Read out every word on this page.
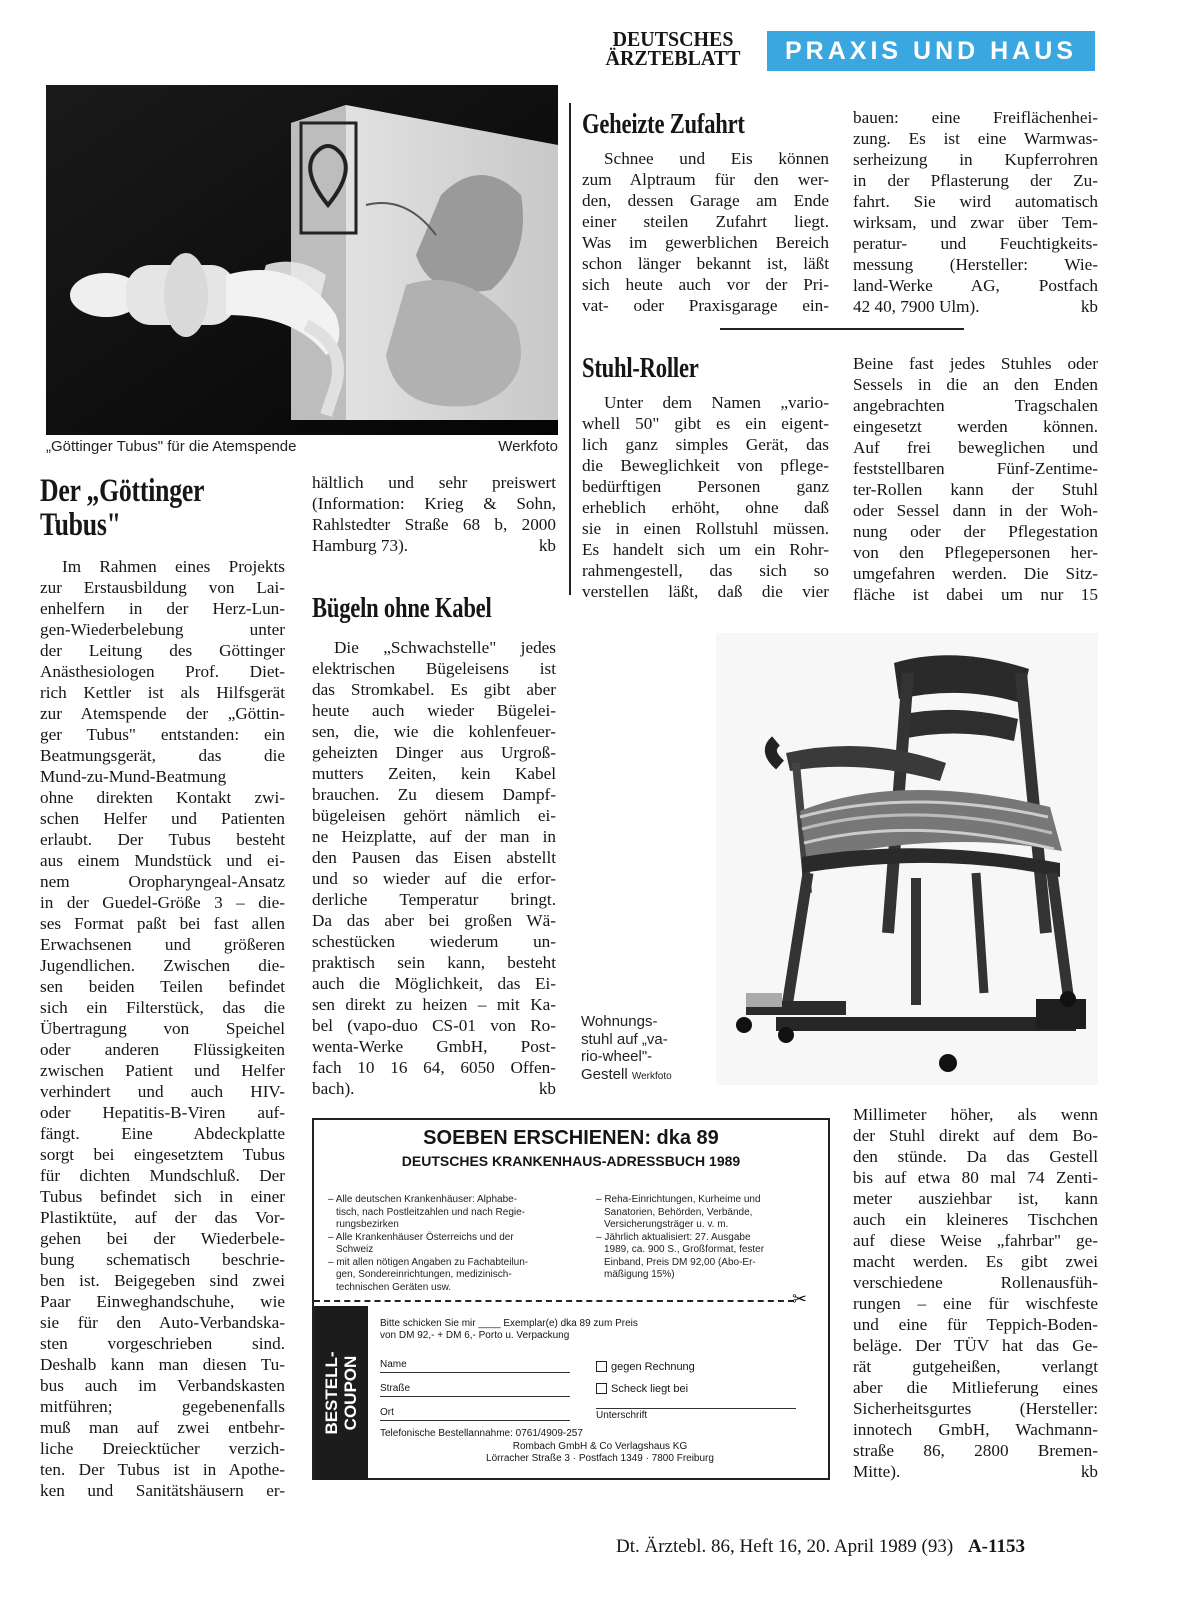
DEUTSCHES
ÄRZTEBLATT	PRAXIS UND HAUS
„Göttinger Tubus" für die Atemspende	Werkfoto
Der „Göttinger
Tubus"
Im Rahmen eines Projekts
zur Erstausbildung von Lai-
enhelfern in der Herz-Lun-
gen-Wiederbelebung unter
der Leitung des Göttinger
Anästhesiologen Prof. Diet-
rich Kettler ist als Hilfsgerät
zur Atemspende der „Göttin-
ger Tubus" entstanden: ein
Beatmungsgerät, das die
Mund-zu-Mund-Beatmung
ohne direkten Kontakt zwi-
schen Helfer und Patienten
erlaubt. Der Tubus besteht
aus einem Mundstück und ei-
nem Oropharyngeal-Ansatz
in der Guedel-Größe 3 – die-
ses Format paßt bei fast allen
Erwachsenen und größeren
Jugendlichen. Zwischen die-
sen beiden Teilen befindet
sich ein Filterstück, das die
Übertragung von Speichel
oder anderen Flüssigkeiten
zwischen Patient und Helfer
verhindert und auch HIV-
oder Hepatitis-B-Viren auf-
fängt. Eine Abdeckplatte
sorgt bei eingesetztem Tubus
für dichten Mundschluß. Der
Tubus befindet sich in einer
Plastiktüte, auf der das Vor-
gehen bei der Wiederbele-
bung schematisch beschrie-
ben ist. Beigegeben sind zwei
Paar Einweghandschuhe, wie
sie für den Auto-Verbandska-
sten vorgeschrieben sind.
Deshalb kann man diesen Tu-
bus auch im Verbandskasten
mitführen; gegebenenfalls
muß man auf zwei entbehr-
liche Dreiecktücher verzich-
ten. Der Tubus ist in Apothe-
ken und Sanitätshäusern er-
hältlich und sehr preiswert
(Information: Krieg & Sohn,
Rahlstedter Straße 68 b, 2000
Hamburg 73).	kb
Bügeln ohne Kabel
Die „Schwachstelle" jedes
elektrischen Bügeleisens ist
das Stromkabel. Es gibt aber
heute auch wieder Bügelei-
sen, die, wie die kohlenfeuer-
geheizten Dinger aus Urgroß-
mutters Zeiten, kein Kabel
brauchen. Zu diesem Dampf-
bügeleisen gehört nämlich ei-
ne Heizplatte, auf der man in
den Pausen das Eisen abstellt
und so wieder auf die erfor-
derliche Temperatur bringt.
Da das aber bei großen Wä-
schestücken wiederum un-
praktisch sein kann, besteht
auch die Möglichkeit, das Ei-
sen direkt zu heizen – mit Ka-
bel (vapo-duo CS-01 von Ro-
wenta-Werke GmbH, Post-
fach 10 16 64, 6050 Offen-
bach).	kb
Geheizte Zufahrt
Schnee und Eis können
zum Alptraum für den wer-
den, dessen Garage am Ende
einer steilen Zufahrt liegt.
Was im gewerblichen Bereich
schon länger bekannt ist, läßt
sich heute auch vor der Pri-
vat- oder Praxisgarage ein-
bauen: eine Freiflächenhei-
zung. Es ist eine Warmwas-
serheizung in Kupferrohren
in der Pflasterung der Zu-
fahrt. Sie wird automatisch
wirksam, und zwar über Tem-
peratur- und Feuchtigkeits-
messung (Hersteller: Wie-
land-Werke AG, Postfach
42 40, 7900 Ulm).	kb
Stuhl-Roller
Unter dem Namen „vario-
whell 50" gibt es ein eigent-
lich ganz simples Gerät, das
die Beweglichkeit von pflege-
bedürftigen Personen ganz
erheblich erhöht, ohne daß
sie in einen Rollstuhl müssen.
Es handelt sich um ein Rohr-
rahmengestell, das sich so
verstellen läßt, daß die vier
Beine fast jedes Stuhles oder
Sessels in die an den Enden
angebrachten Tragschalen
eingesetzt werden können.
Auf frei beweglichen und
feststellbaren Fünf-Zentime-
ter-Rollen kann der Stuhl
oder Sessel dann in der Woh-
nung oder der Pflegestation
von den Pflegepersonen her-
umgefahren werden. Die Sitz-
fläche ist dabei um nur 15
Millimeter höher, als wenn
der Stuhl direkt auf dem Bo-
den stünde. Da das Gestell
bis auf etwa 80 mal 74 Zenti-
meter ausziehbar ist, kann
auch ein kleineres Tischchen
auf diese Weise „fahrbar" ge-
macht werden. Es gibt zwei
verschiedene Rollenausfüh-
rungen – eine für wischfeste
und eine für Teppich-Boden-
beläge. Der TÜV hat das Ge-
rät gutgeheißen, verlangt
aber die Mitlieferung eines
Sicherheitsgurtes (Hersteller:
innotech GmbH, Wachmann-
straße 86, 2800 Bremen-
Mitte).	kb
Wohnungs-
stuhl auf „va-
rio-wheel"-
Gestell Werkfoto
SOEBEN ERSCHIENEN: dka 89
DEUTSCHES KRANKENHAUS-ADRESSBUCH 1989
– Alle deutschen Krankenhäuser: Alphabe-
tisch, nach Postleitzahlen und nach Regie-
rungsbezirken
– Alle Krankenhäuser Österreichs und der
Schweiz
– mit allen nötigen Angaben zu Fachabteilun-
gen, Sondereinrichtungen, medizinisch-
technischen Geräten usw.
– Reha-Einrichtungen, Kurheime und
Sanatorien, Behörden, Verbände,
Versicherungsträger u. v. m.
– Jährlich aktualisiert: 27. Ausgabe
1989, ca. 900 S., Großformat, fester
Einband, Preis DM 92,00 (Abo-Er-
mäßigung 15%)
✂
BESTELL- COUPON
Bitte schicken Sie mir ____ Exemplar(e) dka 89 zum Preis
von DM 92,- + DM 6,- Porto u. Verpackung
Name
Straße
Ort
gegen Rechnung
Scheck liegt bei
Unterschrift
Telefonische Bestellannahme: 0761/4909-257
Rombach GmbH & Co Verlagshaus KG
Lörracher Straße 3 · Postfach 1349 · 7800 Freiburg
Dt. Ärztebl. 86, Heft 16, 20. April 1989 (93) A-1153
